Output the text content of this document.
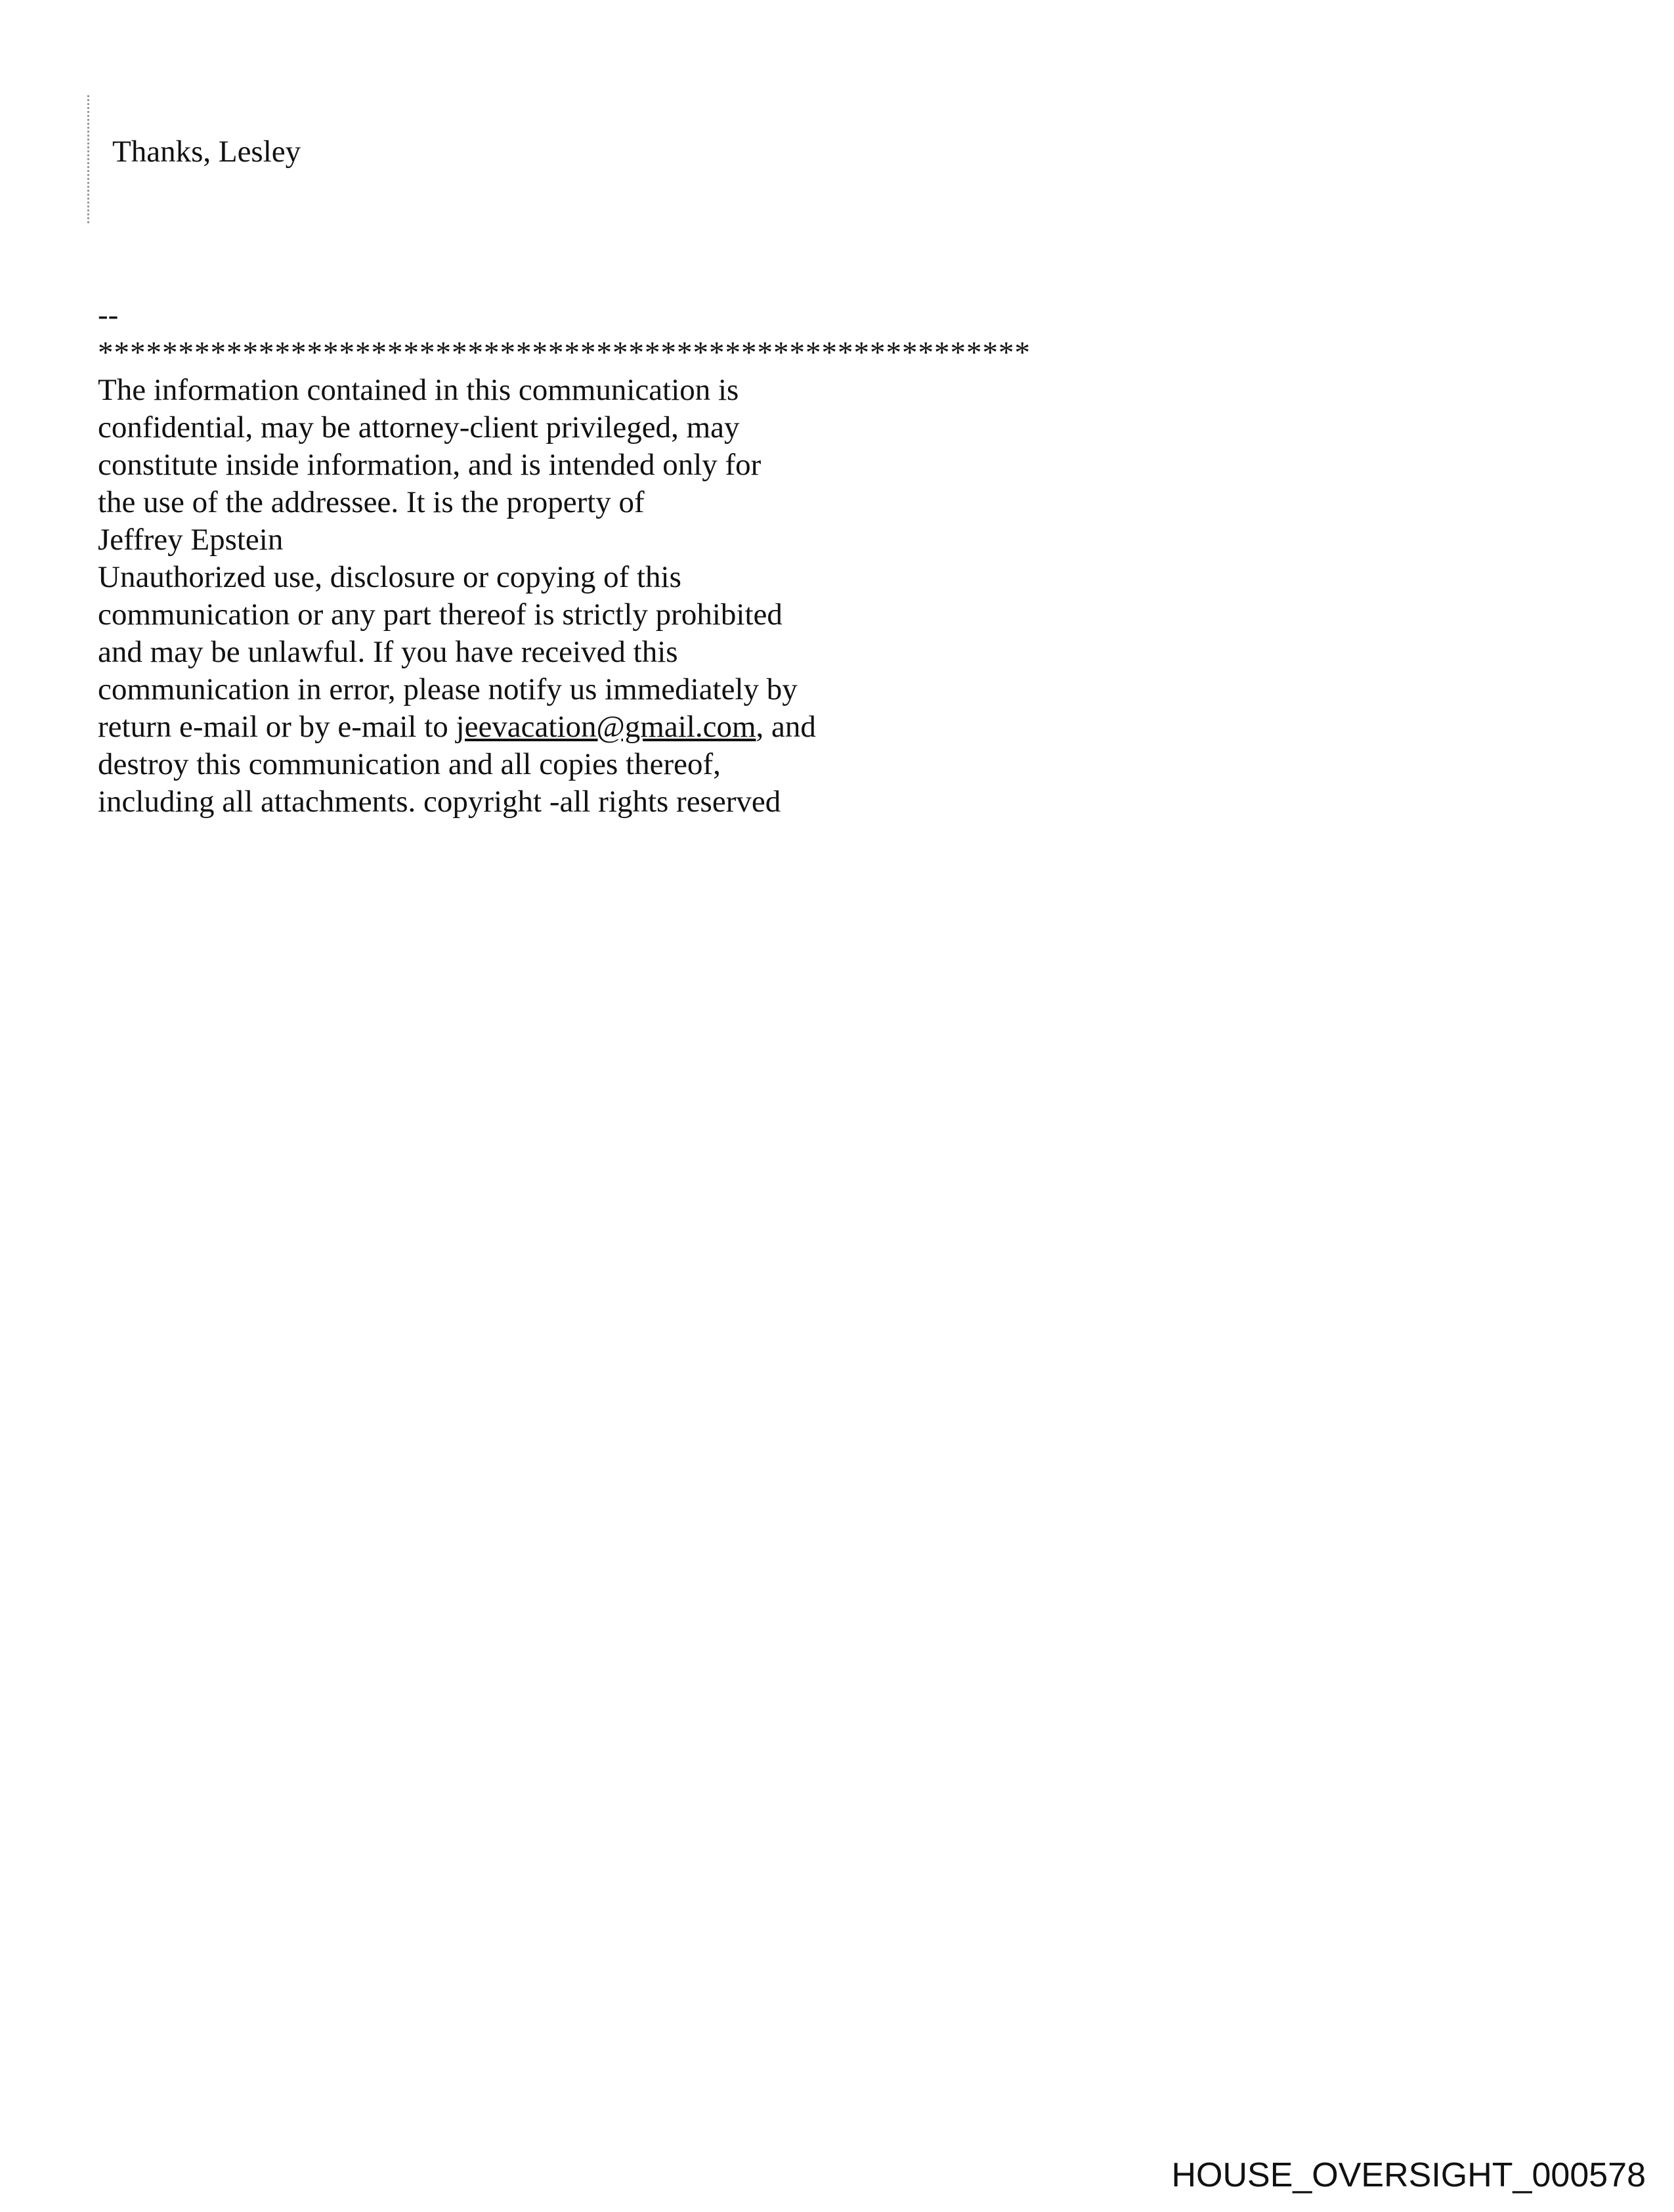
Thanks, Lesley
--
**********************************************************
The information contained in this communication is
confidential, may be attorney-client privileged, may
constitute inside information, and is intended only for
the use of the addressee. It is the property of
Jeffrey Epstein
Unauthorized use, disclosure or copying of this
communication or any part thereof is strictly prohibited
and may be unlawful. If you have received this
communication in error, please notify us immediately by
return e-mail or by e-mail to jeevacation@gmail.com, and
destroy this communication and all copies thereof,
including all attachments. copyright -all rights reserved
HOUSE_OVERSIGHT_000578
